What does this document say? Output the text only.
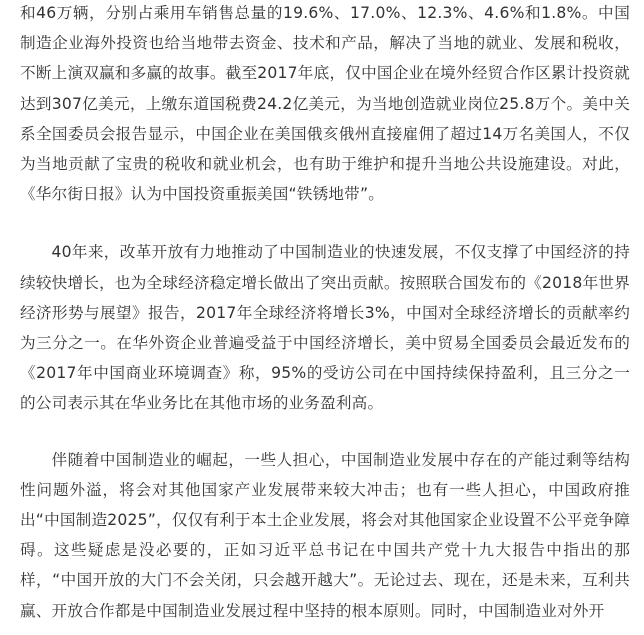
和46万辆，分别占乘用车销售总量的19.6%、17.0%、12.3%、4.6%和1.8%。中国制造企业海外投资也给当地带去资金、技术和产品，解决了当地的就业、发展和税收，不断上演双赢和多赢的故事。截至2017年底，仅中国企业在境外经贸合作区累计投资就达到307亿美元，上缴东道国税费24.2亿美元，为当地创造就业岗位25.8万个。美中关系全国委员会报告显示，中国企业在美国俄亥俄州直接雇佣了超过14万名美国人，不仅为当地贡献了宝贵的税收和就业机会，也有助于维护和提升当地公共设施建设。对此，《华尔街日报》认为中国投资重振美国“铁锈地带”。

40年来，改革开放有力地推动了中国制造业的快速发展，不仅支撑了中国经济的持续较快增长，也为全球经济稳定增长做出了突出贡献。按照联合国发布的《2018年世界经济形势与展望》报告，2017年全球经济将增长3%，中国对全球经济增长的贡献率约为三分之一。在华外资企业普遍受益于中国经济增长，美中贸易全国委员会最近发布的《2017年中国商业环境调查》称，95%的受访公司在中国持续保持盈利，且三分之一的公司表示其在华业务比在其他市场的业务盈利高。

伴随着中国制造业的崛起，一些人担心，中国制造业发展中存在的产能过剩等结构性问题外溢，将会对其他国家产业发展带来较大冲击；也有一些人担心，中国政府推出“中国制造2025”，仅仅有利于本土企业发展，将会对其他国家企业设置不公平竞争障碍。这些疑虑是没必要的，正如习近平总书记在中国共产党十九大报告中指出的那样，“中国开放的大门不会关闭，只会越开越大”。无论过去、现在，还是未来，互利共赢、开放合作都是中国制造业发展过程中坚持的根本原则。同时，中国制造业对外开
